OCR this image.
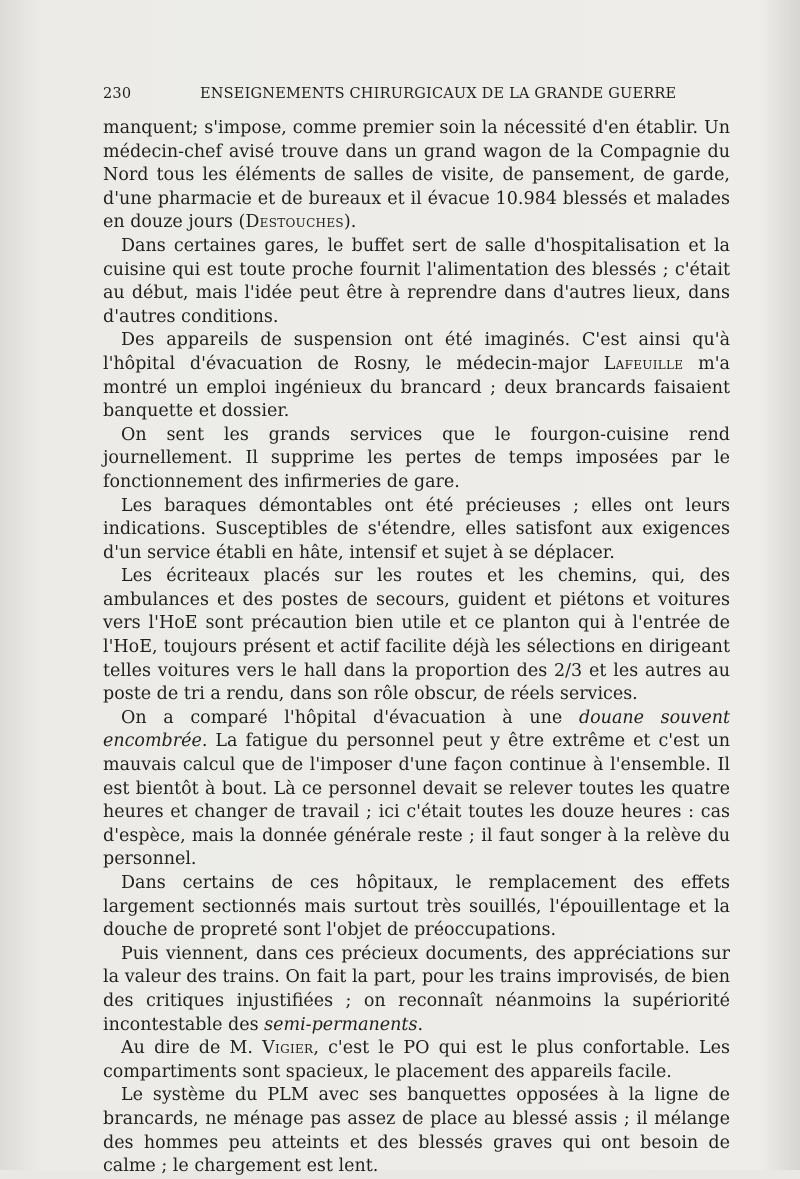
230	ENSEIGNEMENTS CHIRURGICAUX DE LA GRANDE GUERRE

manquent; s'impose, comme premier soin la nécessité d'en établir. Un médecin-chef avisé trouve dans un grand wagon de la Compagnie du Nord tous les éléments de salles de visite, de pansement, de garde, d'une pharmacie et de bureaux et il évacue 10.984 blessés et malades en douze jours (Destouches).

Dans certaines gares, le buffet sert de salle d'hospitalisation et la cuisine qui est toute proche fournit l'alimentation des blessés ; c'était au début, mais l'idée peut être à reprendre dans d'autres lieux, dans d'autres conditions.

Des appareils de suspension ont été imaginés. C'est ainsi qu'à l'hôpital d'évacuation de Rosny, le médecin-major Lafeuille m'a montré un emploi ingénieux du brancard ; deux brancards faisaient banquette et dossier.

On sent les grands services que le fourgon-cuisine rend journellement. Il supprime les pertes de temps imposées par le fonctionnement des infirmeries de gare.

Les baraques démontables ont été précieuses ; elles ont leurs indications. Susceptibles de s'étendre, elles satisfont aux exigences d'un service établi en hâte, intensif et sujet à se déplacer.

Les écriteaux placés sur les routes et les chemins, qui, des ambulances et des postes de secours, guident et piétons et voitures vers l'HoE sont précaution bien utile et ce planton qui à l'entrée de l'HoE, toujours présent et actif facilite déjà les sélections en dirigeant telles voitures vers le hall dans la proportion des 2/3 et les autres au poste de tri a rendu, dans son rôle obscur, de réels services.

On a comparé l'hôpital d'évacuation à une douane souvent encombrée. La fatigue du personnel peut y être extrême et c'est un mauvais calcul que de l'imposer d'une façon continue à l'ensemble. Il est bientôt à bout. Là ce personnel devait se relever toutes les quatre heures et changer de travail ; ici c'était toutes les douze heures : cas d'espèce, mais la donnée générale reste ; il faut songer à la relève du personnel.

Dans certains de ces hôpitaux, le remplacement des effets largement sectionnés mais surtout très souillés, l'épouillentage et la douche de propreté sont l'objet de préoccupations.

Puis viennent, dans ces précieux documents, des appréciations sur la valeur des trains. On fait la part, pour les trains improvisés, de bien des critiques injustifiées ; on reconnaît néanmoins la supériorité incontestable des semi-permanents.

Au dire de M. Vigier, c'est le PO qui est le plus confortable. Les compartiments sont spacieux, le placement des appareils facile.

Le système du PLM avec ses banquettes opposées à la ligne de brancards, ne ménage pas assez de place au blessé assis ; il mélange des hommes peu atteints et des blessés graves qui ont besoin de calme ; le chargement est lent.
